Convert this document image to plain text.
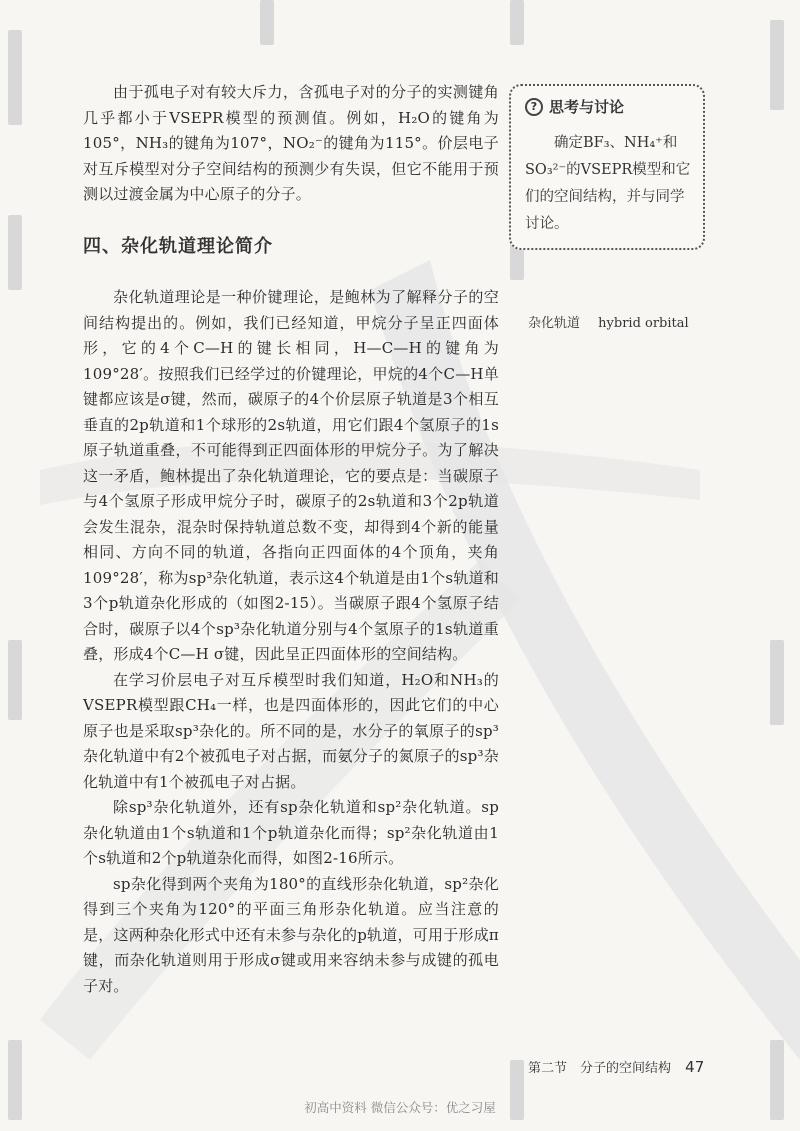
由于孤电子对有较大斥力，含孤电子对的分子的实测键角几乎都小于VSEPR模型的预测值。例如，H₂O的键角为105°，NH₃的键角为107°，NO₂⁻的键角为115°。价层电子对互斥模型对分子空间结构的预测少有失误，但它不能用于预测以过渡金属为中心原子的分子。

四、杂化轨道理论简介

杂化轨道理论是一种价键理论，是鲍林为了解释分子的空间结构提出的。例如，我们已经知道，甲烷分子呈正四面体形，它的4个C—H的键长相同，H—C—H的键角为109°28′。按照我们已经学过的价键理论，甲烷的4个C—H单键都应该是σ键，然而，碳原子的4个价层原子轨道是3个相互垂直的2p轨道和1个球形的2s轨道，用它们跟4个氢原子的1s原子轨道重叠，不可能得到正四面体形的甲烷分子。为了解决这一矛盾，鲍林提出了杂化轨道理论，它的要点是：当碳原子与4个氢原子形成甲烷分子时，碳原子的2s轨道和3个2p轨道会发生混杂，混杂时保持轨道总数不变，却得到4个新的能量相同、方向不同的轨道，各指向正四面体的4个顶角，夹角109°28′，称为sp³杂化轨道，表示这4个轨道是由1个s轨道和3个p轨道杂化形成的（如图2-15）。当碳原子跟4个氢原子结合时，碳原子以4个sp³杂化轨道分别与4个氢原子的1s轨道重叠，形成4个C—H σ键，因此呈正四面体形的空间结构。

在学习价层电子对互斥模型时我们知道，H₂O和NH₃的VSEPR模型跟CH₄一样，也是四面体形的，因此它们的中心原子也是采取sp³杂化的。所不同的是，水分子的氧原子的sp³杂化轨道中有2个被孤电子对占据，而氨分子的氮原子的sp³杂化轨道中有1个被孤电子对占据。

除sp³杂化轨道外，还有sp杂化轨道和sp²杂化轨道。sp杂化轨道由1个s轨道和1个p轨道杂化而得；sp²杂化轨道由1个s轨道和2个p轨道杂化而得，如图2-16所示。

sp杂化得到两个夹角为180°的直线形杂化轨道，sp²杂化得到三个夹角为120°的平面三角形杂化轨道。应当注意的是，这两种杂化形式中还有未参与杂化的p轨道，可用于形成π键，而杂化轨道则用于形成σ键或用来容纳未参与成键的孤电子对。

? 思考与讨论
确定BF₃、NH₄⁺和SO₃²⁻的VSEPR模型和它们的空间结构，并与同学讨论。
杂化轨道 hybrid orbital
第二节　分子的空间结构 47
初高中资料 微信公众号：优之习屋
